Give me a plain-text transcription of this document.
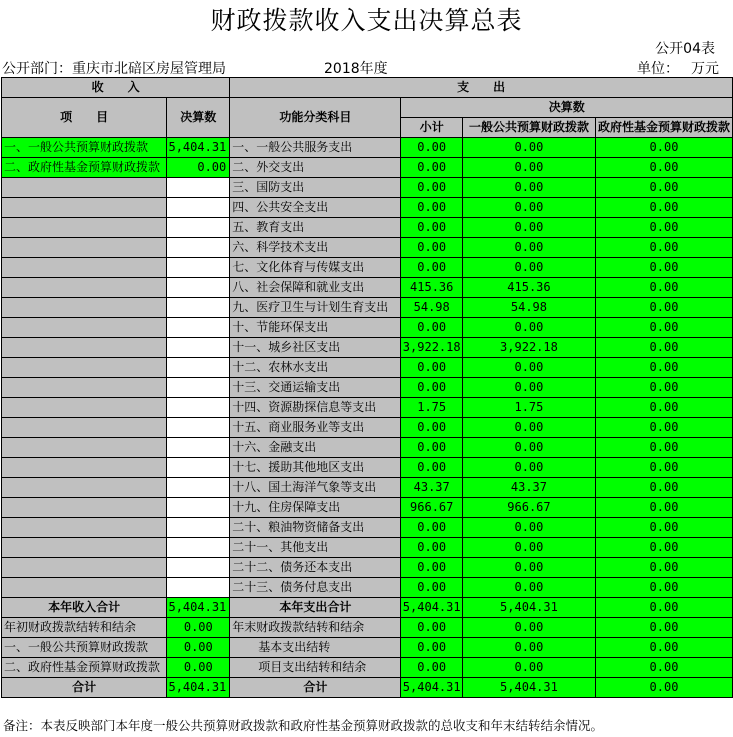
财政拨款收入支出决算总表
公开04表
公开部门：重庆市北碚区房屋管理局	2018年度	单位： 万元
收　　入		支　　出			
项　　目	决算数	功能分类科目	决算数		
			小计	一般公共预算财政拨款	政府性基金预算财政拨款

一、一般公共预算财政拨款	5,404.31	一、一般公共服务支出	0.00	0.00	0.00
二、政府性基金预算财政拨款	0.00	二、外交支出	0.00	0.00	0.00
		三、国防支出	0.00	0.00	0.00
		四、公共安全支出	0.00	0.00	0.00
		五、教育支出	0.00	0.00	0.00
		六、科学技术支出	0.00	0.00	0.00
		七、文化体育与传媒支出	0.00	0.00	0.00
		八、社会保障和就业支出	415.36	415.36	0.00
		九、医疗卫生与计划生育支出	54.98	54.98	0.00
		十、节能环保支出	0.00	0.00	0.00
		十一、城乡社区支出	3,922.18	3,922.18	0.00
		十二、农林水支出	0.00	0.00	0.00
		十三、交通运输支出	0.00	0.00	0.00
		十四、资源勘探信息等支出	1.75	1.75	0.00
		十五、商业服务业等支出	0.00	0.00	0.00
		十六、金融支出	0.00	0.00	0.00
		十七、援助其他地区支出	0.00	0.00	0.00
		十八、国土海洋气象等支出	43.37	43.37	0.00
		十九、住房保障支出	966.67	966.67	0.00
		二十、粮油物资储备支出	0.00	0.00	0.00
		二十一、其他支出	0.00	0.00	0.00
		二十二、债务还本支出	0.00	0.00	0.00
		二十三、债务付息支出	0.00	0.00	0.00
本年收入合计	5,404.31	本年支出合计	5,404.31	5,404.31	0.00
年初财政拨款结转和结余	0.00	年末财政拨款结转和结余	0.00	0.00	0.00
一、一般公共预算财政拨款	0.00	基本支出结转	0.00	0.00	0.00
二、政府性基金预算财政拨款	0.00	项目支出结转和结余	0.00	0.00	0.00
合计	5,404.31	合计	5,404.31	5,404.31	0.00
备注：本表反映部门本年度一般公共预算财政拨款和政府性基金预算财政拨款的总收支和年末结转结余情况。
